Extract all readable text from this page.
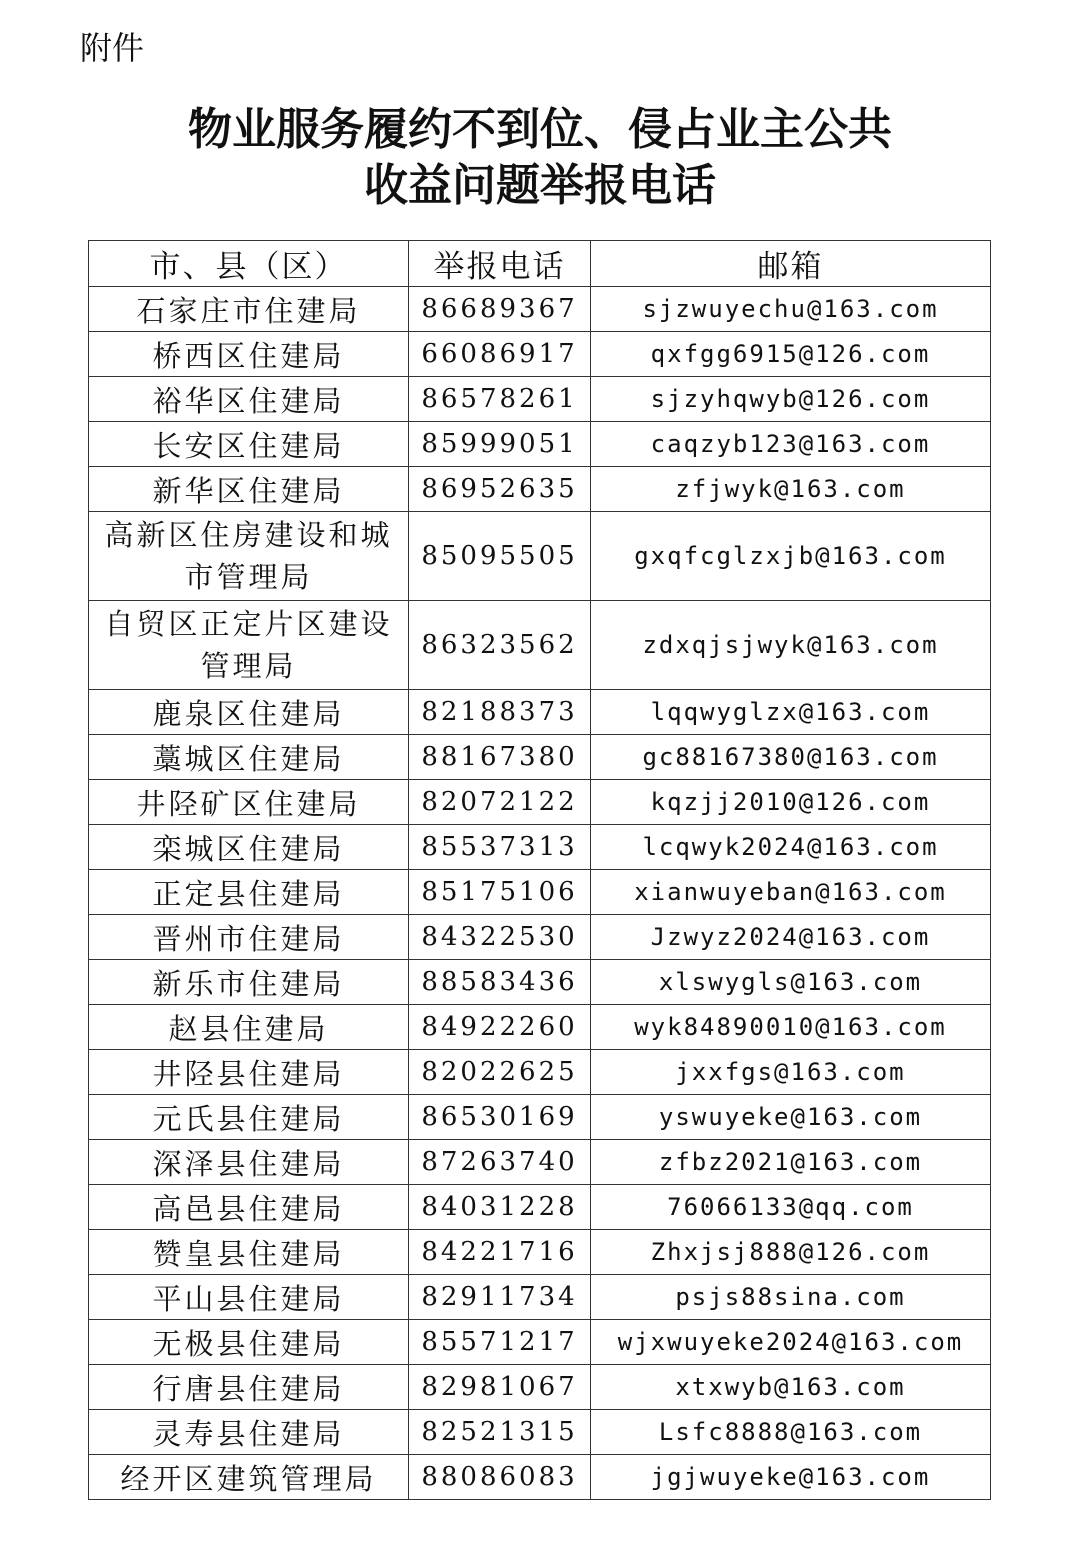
附件
物业服务履约不到位、侵占业主公共
收益问题举报电话
市、县（区）	举报电话	邮箱
石家庄市住建局	86689367	sjzwuyechu@163.com
桥西区住建局	66086917	qxfgg6915@126.com
裕华区住建局	86578261	sjzyhqwyb@126.com
长安区住建局	85999051	caqzyb123@163.com
新华区住建局	86952635	zfjwyk@163.com
高新区住房建设和城市管理局	85095505	gxqfcglzxjb@163.com
自贸区正定片区建设管理局	86323562	zdxqjsjwyk@163.com
鹿泉区住建局	82188373	lqqwyglzx@163.com
藁城区住建局	88167380	gc88167380@163.com
井陉矿区住建局	82072122	kqzjj2010@126.com
栾城区住建局	85537313	lcqwyk2024@163.com
正定县住建局	85175106	xianwuyeban@163.com
晋州市住建局	84322530	Jzwyz2024@163.com
新乐市住建局	88583436	xlswygls@163.com
赵县住建局	84922260	wyk84890010@163.com
井陉县住建局	82022625	jxxfgs@163.com
元氏县住建局	86530169	yswuyeke@163.com
深泽县住建局	87263740	zfbz2021@163.com
高邑县住建局	84031228	76066133@qq.com
赞皇县住建局	84221716	Zhxjsj888@126.com
平山县住建局	82911734	psjs88sina.com
无极县住建局	85571217	wjxwuyeke2024@163.com
行唐县住建局	82981067	xtxwyb@163.com
灵寿县住建局	82521315	Lsfc8888@163.com
经开区建筑管理局	88086083	jgjwuyeke@163.com
